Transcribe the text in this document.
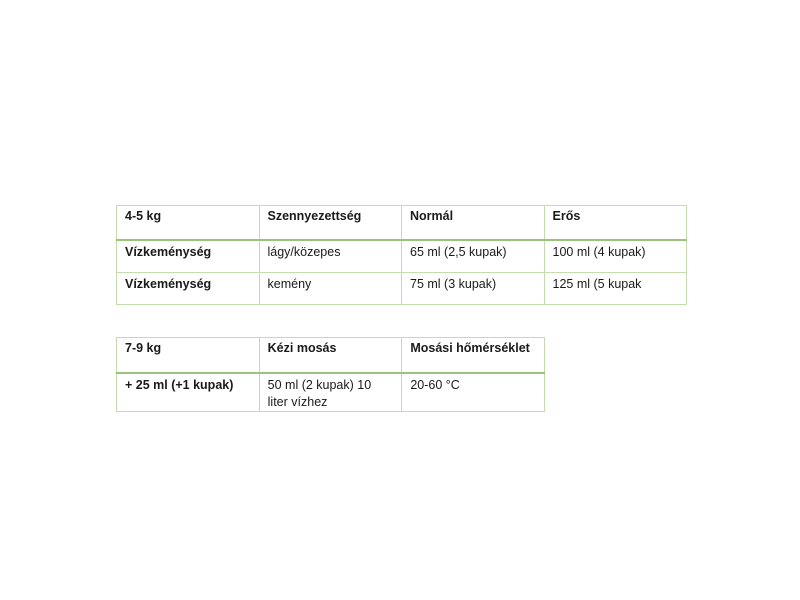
4-5 kg	Szennyezettség	Normál	Erős
Vízkeménység	lágy/közepes	65 ml (2,5 kupak)	100 ml (4 kupak)
Vízkeménység	kemény	75 ml (3 kupak)	125 ml (5 kupak
7-9 kg	Kézi mosás	Mosási hőmérséklet
+ 25 ml (+1 kupak)	50 ml (2 kupak) 10 liter vízhez	20-60 °C
